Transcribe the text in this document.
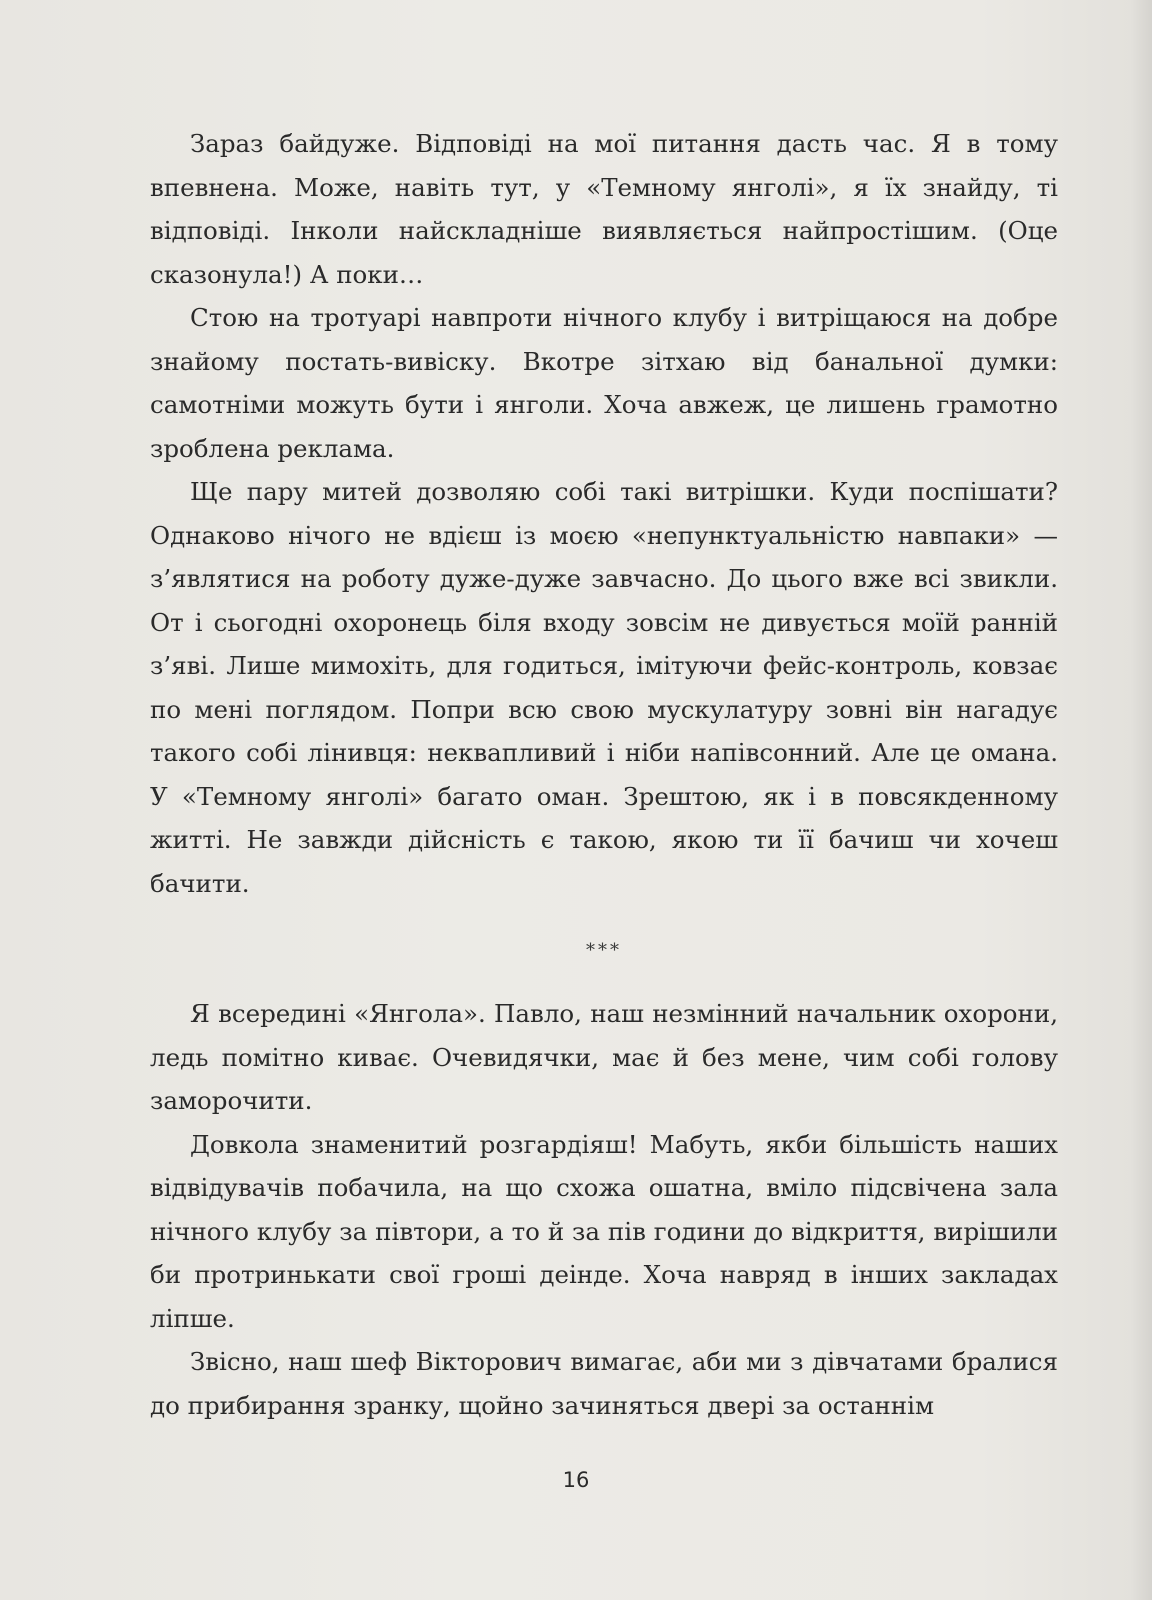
Зараз байдуже. Відповіді на мої питання дасть час. Я в тому впевнена. Може, навіть тут, у «Темному янголі», я їх знайду, ті відповіді. Інколи найскладніше виявляється найпростішим. (Оце сказонула!) А поки…

Стою на тротуарі навпроти нічного клубу і витріщаюся на добре знайому постать-вивіску. Вкотре зітхаю від банальної думки: самотніми можуть бути і янголи. Хоча авжеж, це лишень грамотно зроблена реклама.

Ще пару митей дозволяю собі такі витрішки. Куди поспішати? Однаково нічого не вдієш із моєю «непунктуальністю навпаки» — з’являтися на роботу дуже-дуже завчасно. До цього вже всі звикли. От і сьогодні охоронець біля входу зовсім не дивується моїй ранній з’яві. Лише мимохіть, для годиться, імітуючи фейс-контроль, ковзає по мені поглядом. Попри всю свою мускулатуру зовні він нагадує такого собі лінивця: неквапливий і ніби напівсонний. Але це омана. У «Темному янголі» багато оман. Зрештою, як і в повсякденному житті. Не завжди дійсність є такою, якою ти її бачиш чи хочеш бачити.

***

Я всередині «Янгола». Павло, наш незмінний начальник охорони, ледь помітно киває. Очевидячки, має й без мене, чим собі голову заморочити.

Довкола знаменитий розгардіяш! Мабуть, якби більшість наших відвідувачів побачила, на що схожа ошатна, вміло підсвічена зала нічного клубу за півтори, а то й за пів години до відкриття, вирішили би протринькати свої гроші деінде. Хоча навряд в інших закладах ліпше.

Звісно, наш шеф Вікторович вимагає, аби ми з дівчатами бралися до прибирання зранку, щойно зачиняться двері за останнім

16
